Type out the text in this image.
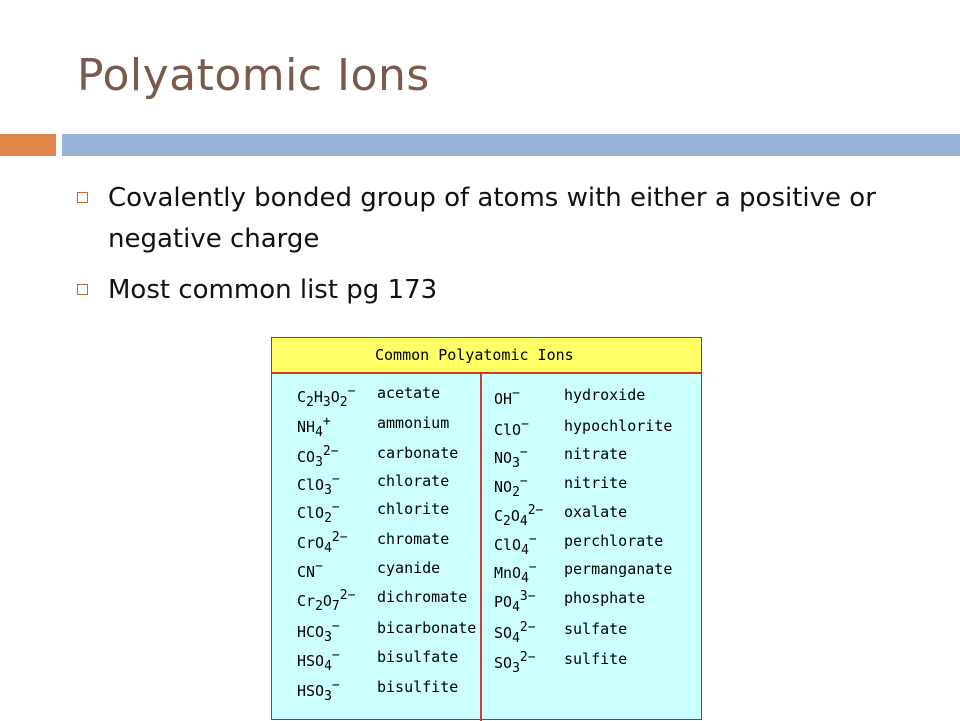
Polyatomic Ions
Covalently bonded group of atoms with either a positive or negative charge
Most common list pg 173
Common Polyatomic Ions
$C_2H_3O_2^-$ acetate
$NH_4^+$	ammonium
$CO_3^{2-}$	carbonate
ClO$_3$− chlorate
ClO$_2$− chlorite
CrO$_4^{2-}$ chromate
CN−	cyanide
$Cr_2O_7^{2-}$ dichromate
$HCO_3^-$ bicarbonate
$HSO_4^-$ bisulfate
$HSO_3^-$ bisulfite
OH−	hydroxide
ClO− hypochlorite
$NO_3^-$ nitrate
$NO_2^-$ nitrite
$C_2O_4^{2-}$ oxalate
ClO$_4$− perchlorate
MnO$_4$− permanganate
$PO_4^{3-}$ phosphate
$SO_4^{2-}$ sulfate
$SO_3^{2-}$ sulfite
